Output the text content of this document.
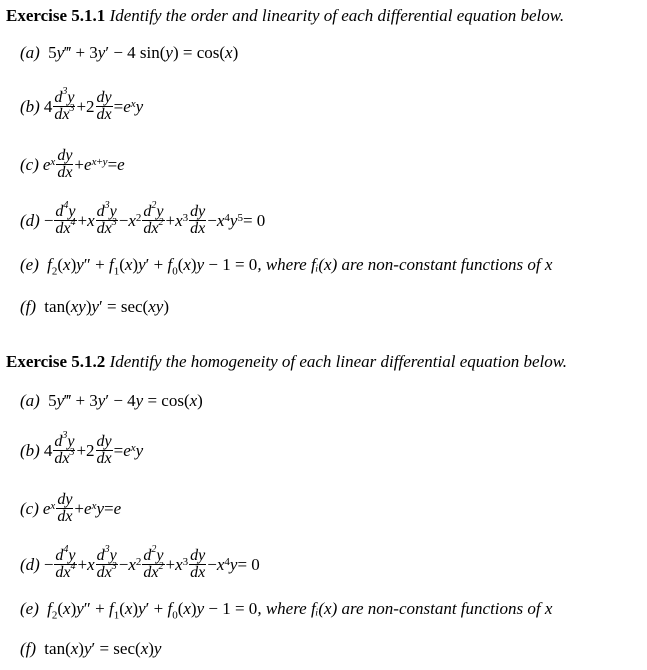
Exercise 5.1.1 Identify the order and linearity of each differential equation below.
(a) 5y‴ + 3y′ − 4 sin(y) = cos(x)
(b) $4 \frac{d^3y}{dx^3} +2 \frac{dy}{dx} = e$ $^x$ y
(c) e $^x \frac{dy}{dx} + e$ $^{x+y}$ = e
$(d) - \frac{d^4y}{dx^4} + x \frac{d^3y}{dx^3} - x^2 \frac{d^2y}{dx^2} + x^3 \frac{dy}{dx} - x^4$ $y^5 = 0$
(e) $f_2(x)y'' + f_1(x)y' + f_0(x)y - 1 = 0$, where fᵢ(x) are non-constant functions of x
(f) tan(xy)y′ = sec(xy)
Exercise 5.1.2 Identify the homogeneity of each linear differential equation below.
(a) 5y‴ + 3y′ − 4y = cos(x)
(b) $4 \frac{d^3y}{dx^3} +2 \frac{dy}{dx} = e$ $^x$ y
(c) e $^x \frac{dy}{dx} + e$ $^x$ y = e
$(d) - \frac{d^4y}{dx^4} + x \frac{d^3y}{dx^3} - x^2 \frac{d^2y}{dx^2} + x^3 \frac{dy}{dx} - x^4$ y = 0
(e) $f_2(x)y'' + f_1(x)y' + f_0(x)y - 1 = 0$, where fᵢ(x) are non-constant functions of x
(f) tan(x)y′ = sec(x)y
